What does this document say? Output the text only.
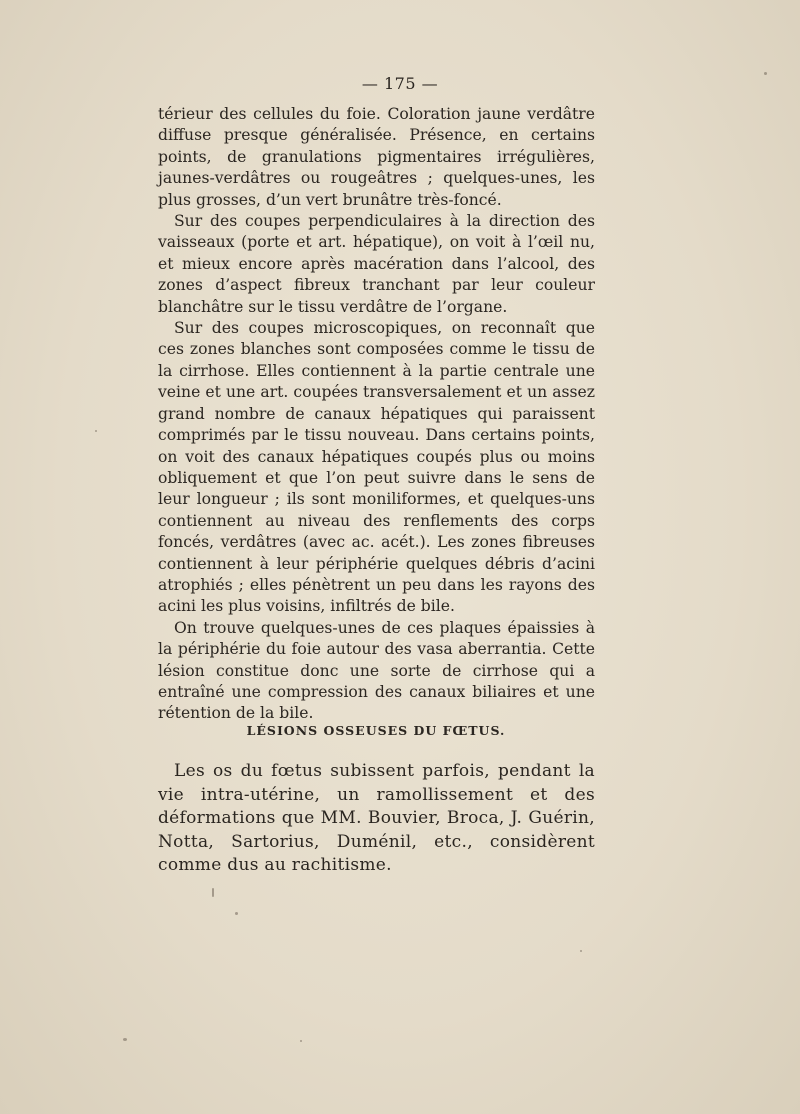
— 175 —

térieur des cellules du foie. Coloration jaune verdâtre diffuse presque généralisée. Présence, en certains points, de granulations pigmentaires irrégulières, jaunes-verdâtres ou rougeâtres ; quelques-unes, les plus grosses, d’un vert brunâtre très-foncé.

Sur des coupes perpendiculaires à la direction des vaisseaux (porte et art. hépatique), on voit à l’œil nu, et mieux encore après macération dans l’alcool, des zones d’aspect fibreux tranchant par leur couleur blanchâtre sur le tissu verdâtre de l’organe.

Sur des coupes microscopiques, on reconnaît que ces zones blanches sont composées comme le tissu de la cirrhose. Elles contiennent à la partie centrale une veine et une art. coupées transversalement et un assez grand nombre de canaux hépatiques qui paraissent comprimés par le tissu nouveau. Dans certains points, on voit des canaux hépatiques coupés plus ou moins obliquement et que l’on peut suivre dans le sens de leur longueur ; ils sont moniliformes, et quelques-uns contiennent au niveau des renflements des corps foncés, verdâtres (avec ac. acét.). Les zones fibreuses contiennent à leur périphérie quelques débris d’acini atrophiés ; elles pénètrent un peu dans les rayons des acini les plus voisins, infiltrés de bile.

On trouve quelques-unes de ces plaques épaissies à la périphérie du foie autour des vasa aberrantia. Cette lésion constitue donc une sorte de cirrhose qui a entraîné une compression des canaux biliaires et une rétention de la bile.

LÉSIONS OSSEUSES DU FŒTUS.

Les os du fœtus subissent parfois, pendant la vie intra-utérine, un ramollissement et des déformations que MM. Bouvier, Broca, J. Guérin, Notta, Sartorius, Duménil, etc., considèrent comme dus au rachitisme.
